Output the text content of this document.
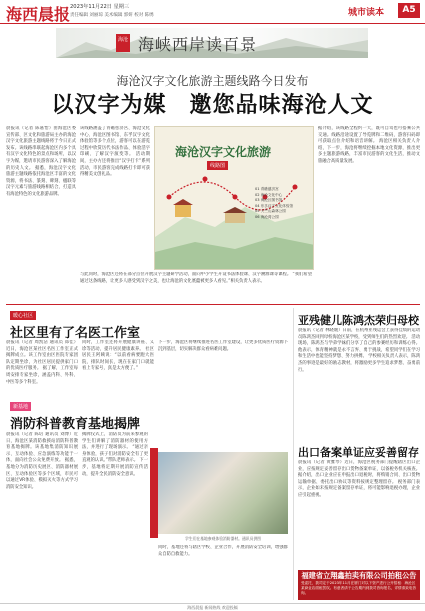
海西晨报 2023年11月22日 星期三
责任编辑 刘丽琼 美术编辑 郭妍 校对 陈绣	城市读本	A5
海沧 海峡西岸读百景
海沧汉字文化旅游主题线路今日发布
以汉字为媒　邀您品味海沧人文
晨报讯（记者 陈嘉怡）由海沧区委宣传部、区文化和旅游局主办的海沧汉字文化旅游主题线路将于今日正式发布。该线路串联起海沧区内多个具有汉字文化特色的景点和场所，以汉字为媒，邀请市民游客深入了解海沧的历史人文。 据悉，海沧汉字文化旅游主题线路依托海沧区丰富的文化资源，将书法、篆刻、碑刻、楹联等汉字元素与旅游线路相结合，打造具有海沧特色的文化旅游品牌。
该线路涵盖了青礁慈济宫、海沧文化中心、海沧区图书馆、东孚汉字文化体验馆等多个点位，游客可以在游览过程中欣赏历代书法作品、体验活字印刷、了解汉字演变等。 活动期间，主办方还将推出“汉字打卡”系列活动，市民游客完成线路打卡即可获得精美文创礼品。
据介绍，该线路全程约一天，既可自驾也可搭乘公共交通。线路沿途设置了导览牌和二维码，游客扫码即可获取点位介绍和语音讲解。 海沧区相关负责人介绍，下一步，海沧将继续挖掘本地文化资源，推出更多主题旅游线路，丰富市民游客的文化生活，推动文旅融合高质量发展。
与此同时，海沧区还将在部分点位开展汉字主题研学活动，面向中小学生开设书法体验课、汉字溯源课等课程。 “我们希望通过这条线路，让更多人感受到汉字之美，也让海沧的文化底蕴被更多人看见。”相关负责人表示。
海沧汉字文化旅游
线路图
01 青礁慈济宫
02 海沧文化中心
03 海沧区图书馆
04 东孚汉字文化体验馆
05 天竺山森林公园
06 海沧湾公园
暖心社区
社区里有了名医工作室
晨报讯（记者 周凯洁 通讯员 郑佳）近日，海沧区某社区名医工作室正式揭牌成立。该工作室由区医院专家团队定期坐诊，为社区居民提供家门口的优质医疗服务。 据了解，工作室每周安排专家坐诊，涵盖内科、外科、中医等多个科室。
同时，工作室还将开展健康讲座、义诊等活动，提升居民健康素养。 社区居民王阿姨说：“以前看病要跑大医院，排队时间长，现在在家门口就能看上专家号，真是太方便了。”
下一步，海沧区将继续推进名医工作室建设，让更多优质医疗资源下沉到基层，切实解决群众看病难问题。
新基地
消防科普教育基地揭牌
晨报讯（记者 陈培 通讯员 刘博）近日，海沧区某消防救援站消防科普教育基地揭牌。该基地集消防知识展示、互动体验、应急演练等功能于一体，面向社会公众免费开放。 据悉，基地分为消防历史展区、消防器材展区、互动体验区等多个区域，市民可以通过VR体验、模拟灭火等方式学习消防安全知识。
揭牌仪式上，消防员为前来参观的学生们讲解了消防器材的使用方法，并进行了现场演示。 “通过亲身体验，孩子们对消防安全有了更直观的认识。”带队老师表示。 下一步，基地将定期开展消防宣传活动，提升全民消防安全意识。
学生们在基地参观体验消防器材。通讯员供图
同时，基地还将与辖区学校、企业合作，开展消防安全培训，增强群众自防自救能力。
亚残健儿陈鸿杰荣归母校
晨报讯（记者 林晓媛）日前，在杭州亚残运会上获得佳绩的运动员陈鸿杰回到母校海沧区某学校，受到师生们的热烈欢迎。 活动现场，陈鸿杰与学弟学妹们分享了自己的参赛经历和训练心得。他表示，体育精神就是永不言弃、勇于挑战，希望同学们在学习和生活中也能坚持梦想、努力拼搏。 学校相关负责人表示，陈鸿杰的事迹是最好的励志教材，将激励更多学生追求梦想、奋勇前行。
出口备案单证应妥善留存
晨报讯（记者 黄雅琴）近日，海沧区税务部门提醒辖区出口企业，应按规定妥善留存出口货物备案单证，以备税务机关核查。 据介绍，出口企业应在申报出口退税时，将购销合同、出口货物运输单据、委托出口协议等资料按规定整理留存。 税务部门表示，企业如未按规定备案留存单证，将可能影响退税办理，企业应引起重视。
福建省立翔鑫拍卖有限公司拍租公告
受委托，我司定于2023年11月在厦门对以下资产进行公开招租：海沧区某商业店面租赁权。有意者请于公告期内到我司咨询报名，详情请致电咨询。
海西晨报 新闻热线 欢迎投稿
